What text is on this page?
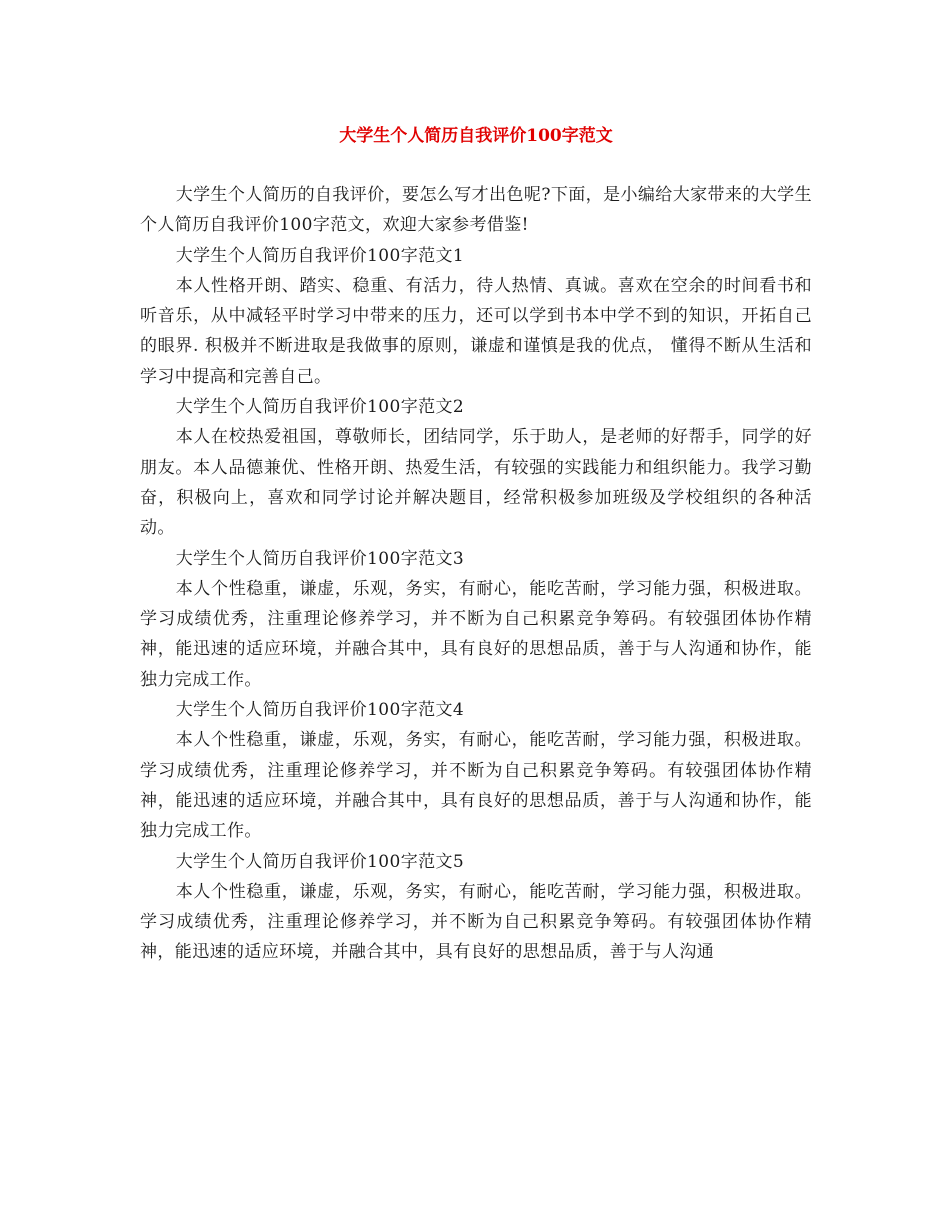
大学生个人简历自我评价100字范文

大学生个人简历的自我评价，要怎么写才出色呢?下面，是小编给大家带来的大学生个人简历自我评价100字范文，欢迎大家参考借鉴!

大学生个人简历自我评价100字范文1

本人性格开朗、踏实、稳重、有活力，待人热情、真诚。喜欢在空余的时间看书和听音乐，从中减轻平时学习中带来的压力，还可以学到书本中学不到的知识，开拓自己的眼界. 积极并不断进取是我做事的原则，谦虚和谨慎是我的优点， 懂得不断从生活和学习中提高和完善自己。

大学生个人简历自我评价100字范文2

本人在校热爱祖国，尊敬师长，团结同学，乐于助人，是老师的好帮手，同学的好朋友。本人品德兼优、性格开朗、热爱生活，有较强的实践能力和组织能力。我学习勤奋，积极向上，喜欢和同学讨论并解决题目，经常积极参加班级及学校组织的各种活动。

大学生个人简历自我评价100字范文3

本人个性稳重，谦虚，乐观，务实，有耐心，能吃苦耐，学习能力强，积极进取。学习成绩优秀，注重理论修养学习，并不断为自己积累竞争筹码。有较强团体协作精神，能迅速的适应环境，并融合其中，具有良好的思想品质，善于与人沟通和协作，能独力完成工作。

大学生个人简历自我评价100字范文4

本人个性稳重，谦虚，乐观，务实，有耐心，能吃苦耐，学习能力强，积极进取。学习成绩优秀，注重理论修养学习，并不断为自己积累竞争筹码。有较强团体协作精神，能迅速的适应环境，并融合其中，具有良好的思想品质，善于与人沟通和协作，能独力完成工作。

大学生个人简历自我评价100字范文5

本人个性稳重，谦虚，乐观，务实，有耐心，能吃苦耐，学习能力强，积极进取。学习成绩优秀，注重理论修养学习，并不断为自己积累竞争筹码。有较强团体协作精神，能迅速的适应环境，并融合其中，具有良好的思想品质，善于与人沟通
